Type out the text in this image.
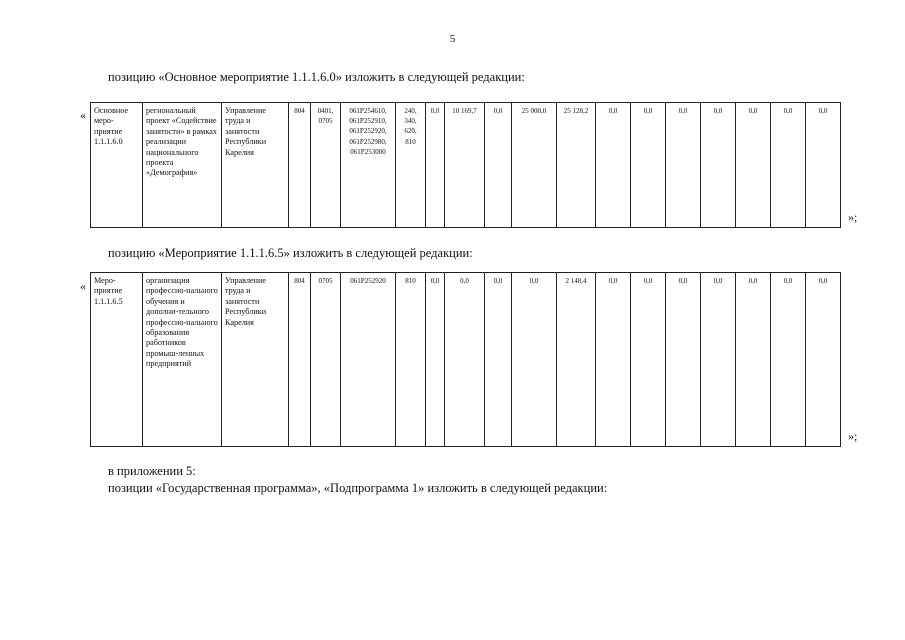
5
позицию «Основное мероприятие 1.1.1.6.0» изложить в следующей редакции:
« Основное меро-приятие 1.1.1.6.0	региональный проект «Содействие занятости» в рамках реализации национального проекта «Демография»	Управление труда и занятости Республики Карелия	804	0401, 0705	061P254610, 061P252910, 061P252920, 061P252980, 061P253000	240, 340, 620, 810	0,0	10 169,7	0,0	25 000,0	25 128,2	0,0	0,0	0,0	0,0	0,0	0,0	0,0
»;
позицию «Мероприятие 1.1.1.6.5» изложить в следующей редакции:
« Меро-приятие 1.1.1.6.5	организация профессио-нального обучения и дополни-тельного профессио-нального образования работников промыш-ленных предприятий	Управление труда и занятости Республики Карелия	804	0705	061P252920	810	0,0	0,0	0,0	0,0	2 148,4	0,0	0,0	0,0	0,0	0,0	0,0	0,0
»;
в приложении 5:
позиции «Государственная программа», «Подпрограмма 1» изложить в следующей редакции:
